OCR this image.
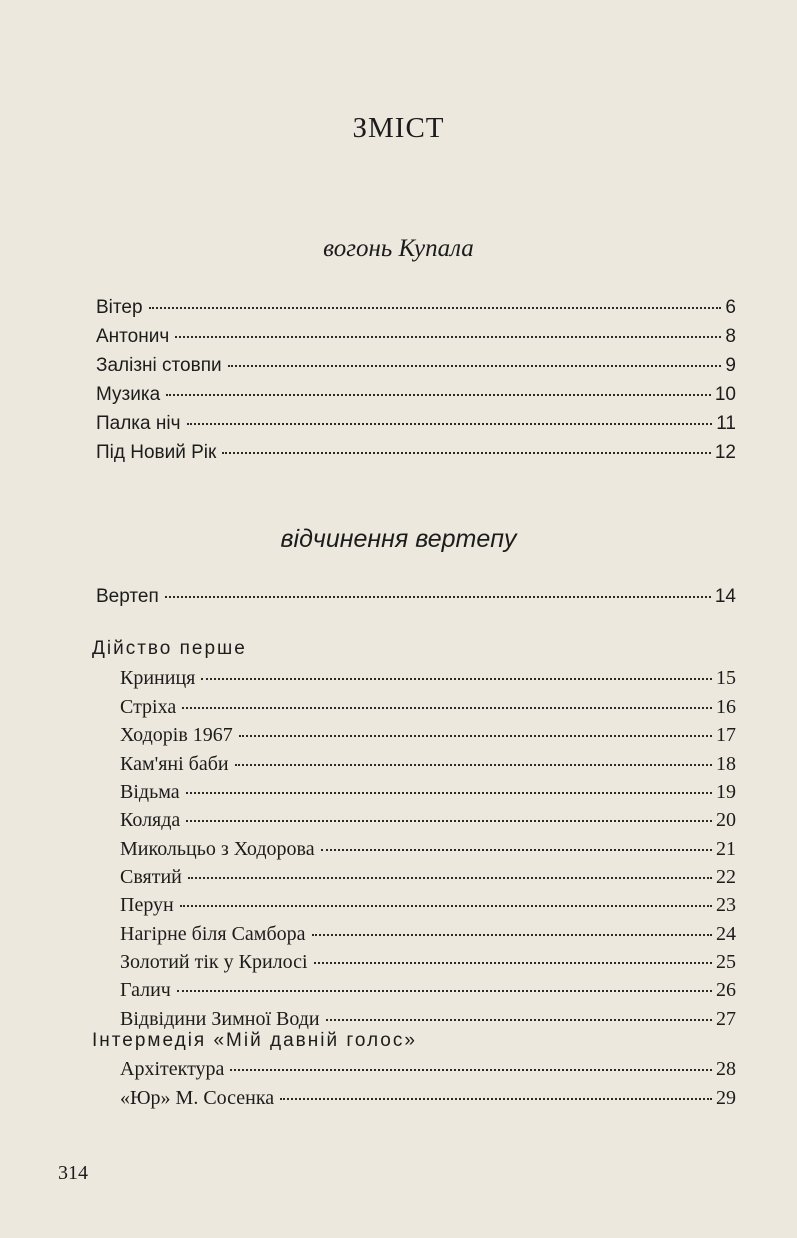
ЗМІСТ
вогонь Купала
Вітер	6
Антонич	8
Залізні стовпи	9
Музика	10
Палка ніч	11
Під Новий Рік	12
відчинення вертепу
Вертеп	14
Дійство перше
Криниця	15
Стріха	16
Ходорів 1967	17
Кам'яні баби	18
Відьма	19
Коляда	20
Микольцьо з Ходорова	21
Святий	22
Перун	23
Нагірне біля Самбора	24
Золотий тік у Крилосі	25
Галич	26
Відвідини Зимної Води	27
Інтермедія «Мій давній голос»
Архітектура	28
«Юр» М. Сосенка	29
314
